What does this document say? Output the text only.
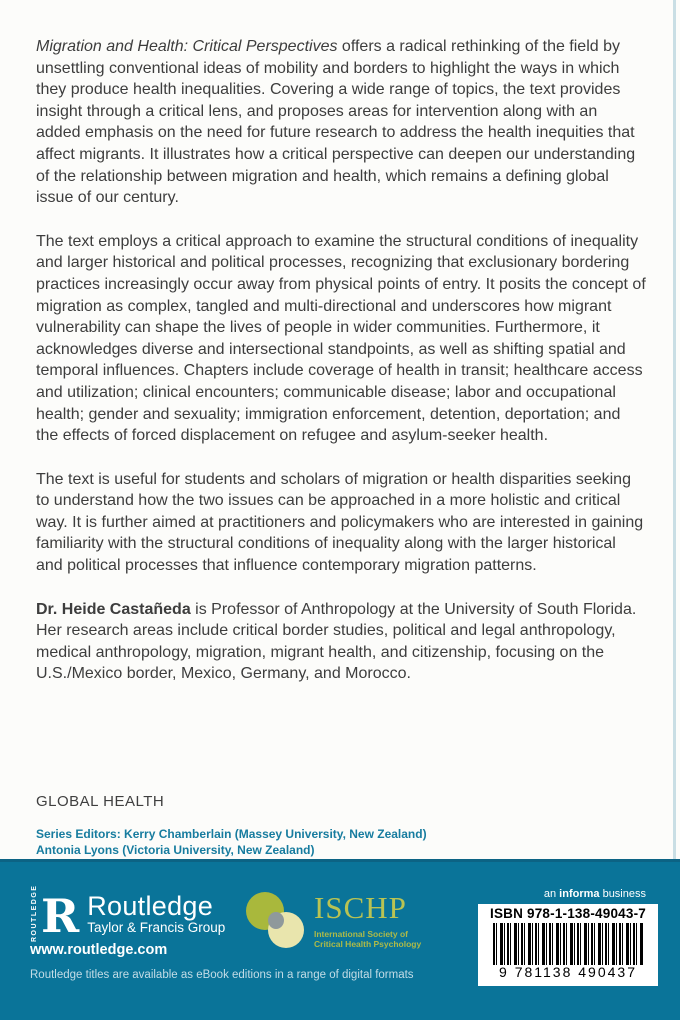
Migration and Health: Critical Perspectives offers a radical rethinking of the field by unsettling conventional ideas of mobility and borders to highlight the ways in which they produce health inequalities. Covering a wide range of topics, the text provides insight through a critical lens, and proposes areas for intervention along with an added emphasis on the need for future research to address the health inequities that affect migrants. It illustrates how a critical perspective can deepen our understanding of the relationship between migration and health, which remains a defining global issue of our century.

The text employs a critical approach to examine the structural conditions of inequality and larger historical and political processes, recognizing that exclusionary bordering practices increasingly occur away from physical points of entry. It posits the concept of migration as complex, tangled and multi-directional and underscores how migrant vulnerability can shape the lives of people in wider communities. Furthermore, it acknowledges diverse and intersectional standpoints, as well as shifting spatial and temporal influences. Chapters include coverage of health in transit; healthcare access and utilization; clinical encounters; communicable disease; labor and occupational health; gender and sexuality; immigration enforcement, detention, deportation; and the effects of forced displacement on refugee and asylum-seeker health.

The text is useful for students and scholars of migration or health disparities seeking to understand how the two issues can be approached in a more holistic and critical way. It is further aimed at practitioners and policymakers who are interested in gaining familiarity with the structural conditions of inequality along with the larger historical and political processes that influence contemporary migration patterns.

Dr. Heide Castañeda is Professor of Anthropology at the University of South Florida. Her research areas include critical border studies, political and legal anthropology, medical anthropology, migration, migrant health, and citizenship, focusing on the U.S./Mexico border, Mexico, Germany, and Morocco.

GLOBAL HEALTH
Series Editors: Kerry Chamberlain (Massey University, New Zealand)
Antonia Lyons (Victoria University, New Zealand)
ROUTLEDGE R Routledge
Taylor & Francis Group
www.routledge.com
Routledge titles are available as eBook editions in a range of digital formats
ISCHP
International Society of
Critical Health Psychology
an informa business
ISBN 978-1-138-49043-7
9 781138 490437
